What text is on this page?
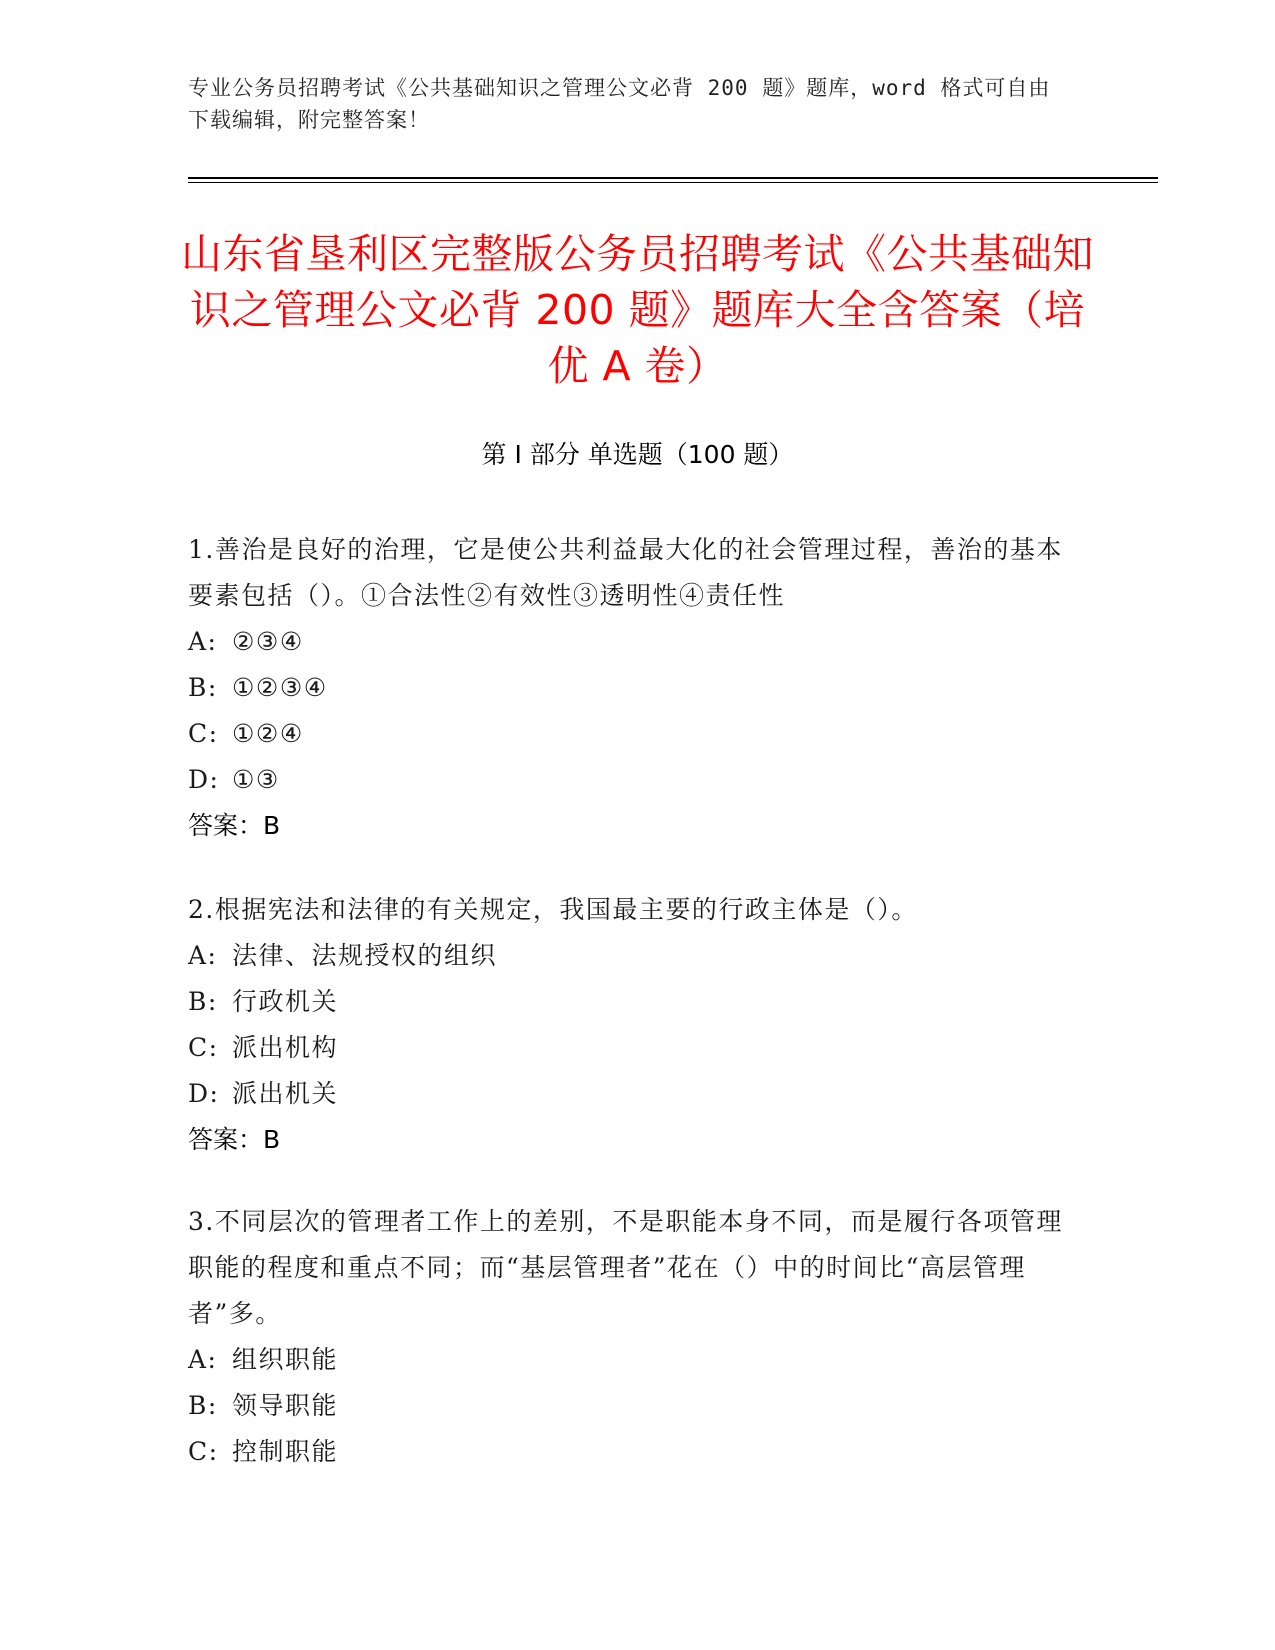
专业公务员招聘考试《公共基础知识之管理公文必背 200 题》题库，word 格式可自由下载编辑，附完整答案！
山东省垦利区完整版公务员招聘考试《公共基础知识之管理公文必背 200 题》题库大全含答案（培优 A 卷）
第 I 部分 单选题（100 题）
1.善治是良好的治理，它是使公共利益最大化的社会管理过程，善治的基本要素包括（）。①合法性②有效性③透明性④责任性
A: ②③④
B: ①②③④
C: ①②④
D: ①③
答案：B
2.根据宪法和法律的有关规定，我国最主要的行政主体是（）。
A: 法律、法规授权的组织
B: 行政机关
C: 派出机构
D: 派出机关
答案：B
3.不同层次的管理者工作上的差别，不是职能本身不同，而是履行各项管理职能的程度和重点不同；而“基层管理者”花在（）中的时间比“高层管理者”多。
A: 组织职能
B: 领导职能
C: 控制职能
